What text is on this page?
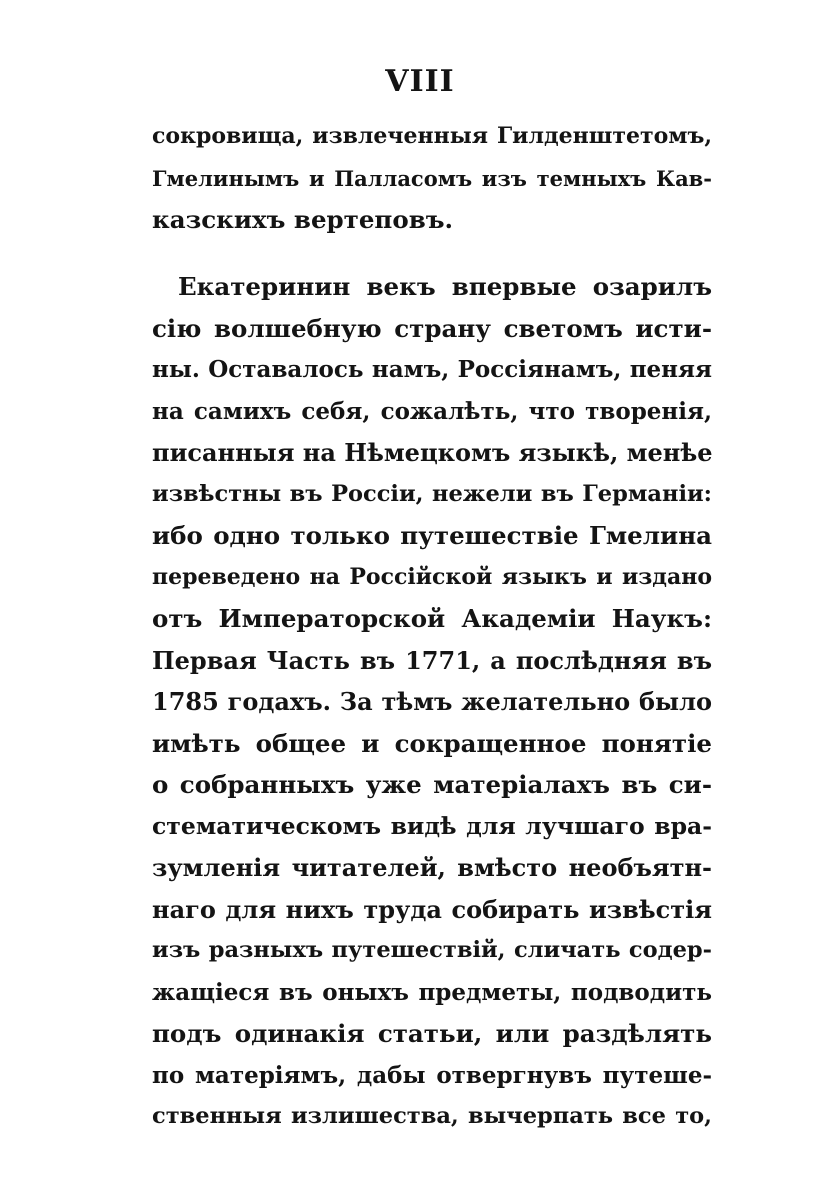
VIII
сокровища, извлеченныя Гилденштетомъ,
Гмелинымъ и Палласомъ изъ темныхъ Кав-
казскихъ вертеповъ.
Екатеринин векъ впервые озарилъ
сію волшебную страну светомъ исти-
ны. Оставалось намъ, Россіянамъ, пеняя
на самихъ себя, сожалѣть, что творенія,
писанныя на Нѣмецкомъ языкѣ, менѣе
извѣстны въ Россіи, нежели въ Германіи:
ибо одно только путешествіе Гмелина
переведено на Россійской языкъ и издано
отъ Императорской Академіи Наукъ:
Первая Часть въ 1771, а послѣдняя въ
1785 годахъ. За тѣмъ желательно было
имѣть общее и сокращенное понятіе
о собранныхъ уже матеріалахъ въ си-
стематическомъ видѣ для лучшаго вра-
зумленія читателей, вмѣсто необъятн-
наго для нихъ труда собирать извѣстія
изъ разныхъ путешествій, сличать содер-
жащіеся въ оныхъ предметы, подводить
подъ одинакія статьи, или раздѣлять
по матеріямъ, дабы отвергнувъ путеше-
ственныя излишества, вычерпать все то,
